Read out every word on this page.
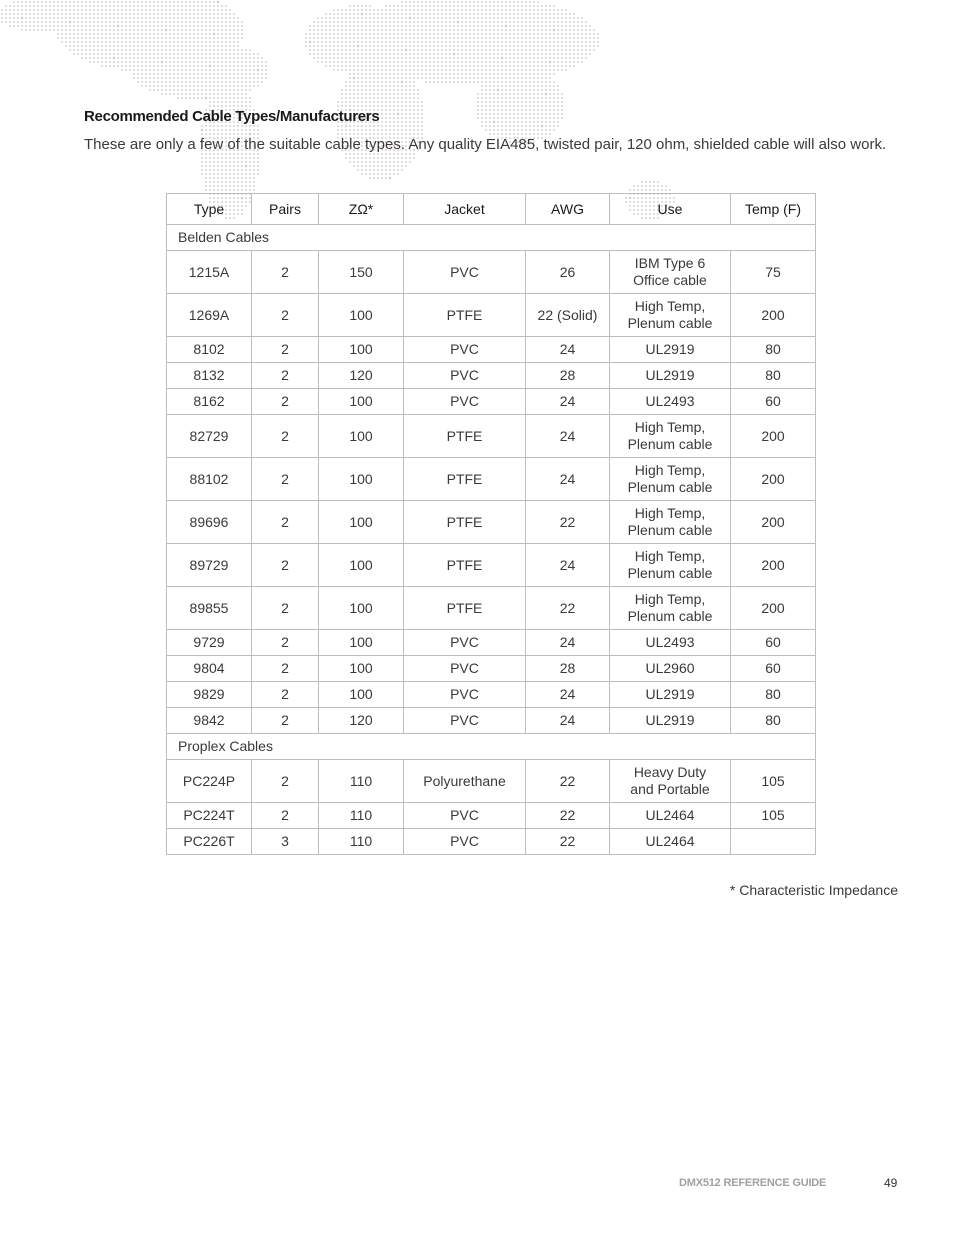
Recommended Cable Types/Manufacturers
These are only a few of the suitable cable types. Any quality EIA485, twisted pair, 120 ohm, shielded cable will also work.
Type	Pairs	ZΩ*	Jacket	AWG	Use	Temp (F)
Belden Cables						
1215A	2	150	PVC	26	IBM Type 6
Office cable	75
1269A	2	100	PTFE	22 (Solid)	High Temp,
Plenum cable	200
8102	2	100	PVC	24	UL2919	80
8132	2	120	PVC	28	UL2919	80
8162	2	100	PVC	24	UL2493	60
82729	2	100	PTFE	24	High Temp,
Plenum cable	200
88102	2	100	PTFE	24	High Temp,
Plenum cable	200
89696	2	100	PTFE	22	High Temp,
Plenum cable	200
89729	2	100	PTFE	24	High Temp,
Plenum cable	200
89855	2	100	PTFE	22	High Temp,
Plenum cable	200
9729	2	100	PVC	24	UL2493	60
9804	2	100	PVC	28	UL2960	60
9829	2	100	PVC	24	UL2919	80
9842	2	120	PVC	24	UL2919	80
Proplex Cables						
PC224P	2	110	Polyurethane	22	Heavy Duty
and Portable	105
PC224T	2	110	PVC	22	UL2464	105
PC226T	3	110	PVC	22	UL2464	

* Characteristic Impedance
DMX512 REFERENCE GUIDE	49
